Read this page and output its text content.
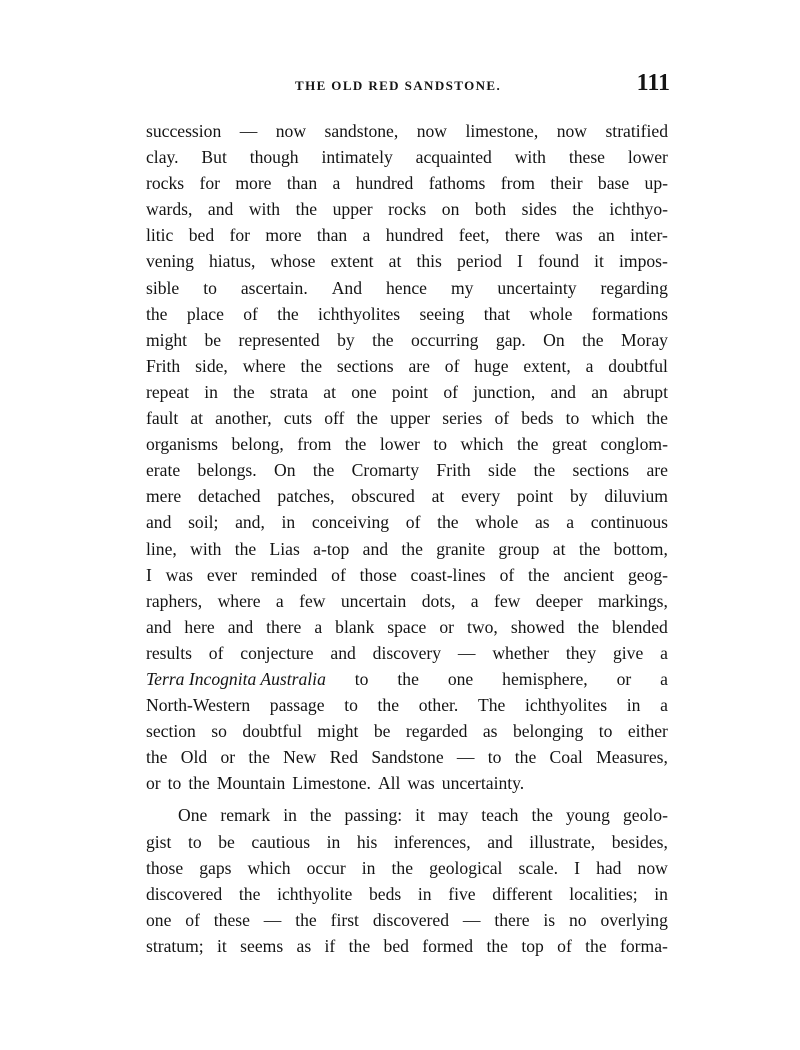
THE OLD RED SANDSTONE.	111
succession — now sandstone, now limestone, now stratified
clay. But though intimately acquainted with these lower
rocks for more than a hundred fathoms from their base up-
wards, and with the upper rocks on both sides the ichthyo-
litic bed for more than a hundred feet, there was an inter-
vening hiatus, whose extent at this period I found it impos-
sible to ascertain. And hence my uncertainty regarding
the place of the ichthyolites seeing that whole formations
might be represented by the occurring gap. On the Moray
Frith side, where the sections are of huge extent, a doubtful
repeat in the strata at one point of junction, and an abrupt
fault at another, cuts off the upper series of beds to which the
organisms belong, from the lower to which the great conglom-
erate belongs. On the Cromarty Frith side the sections are
mere detached patches, obscured at every point by diluvium
and soil; and, in conceiving of the whole as a continuous
line, with the Lias a-top and the granite group at the bottom,
I was ever reminded of those coast-lines of the ancient geog-
raphers, where a few uncertain dots, a few deeper markings,
and here and there a blank space or two, showed the blended
results of conjecture and discovery — whether they give a
Terra Incognita Australia to the one hemisphere, or a
North-Western passage to the other. The ichthyolites in a
section so doubtful might be regarded as belonging to either
the Old or the New Red Sandstone — to the Coal Measures,
or to the Mountain Limestone. All was uncertainty.
One remark in the passing: it may teach the young geolo-
gist to be cautious in his inferences, and illustrate, besides,
those gaps which occur in the geological scale. I had now
discovered the ichthyolite beds in five different localities; in
one of these — the first discovered — there is no overlying
stratum; it seems as if the bed formed the top of the forma-
